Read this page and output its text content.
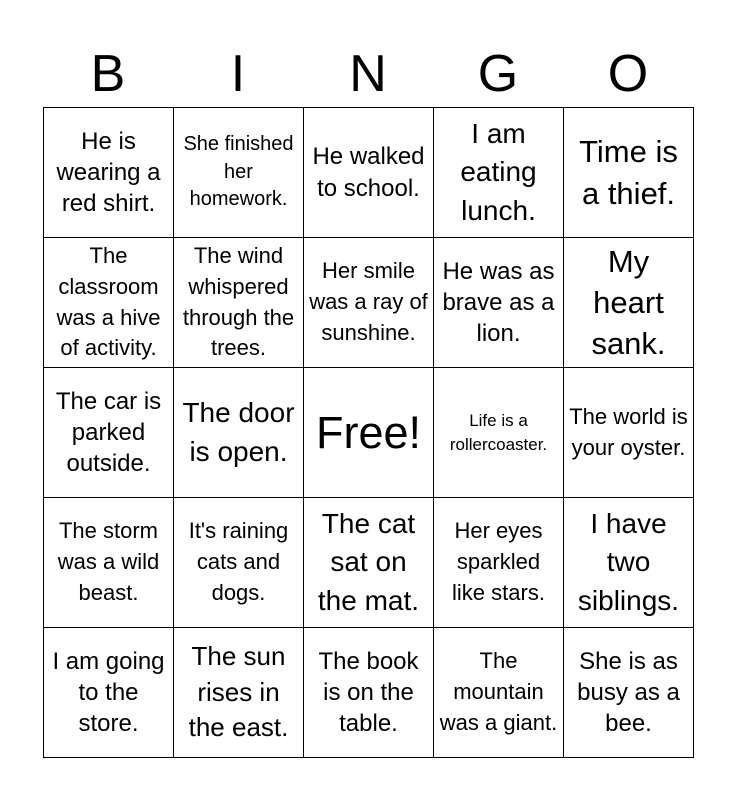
B	I	N	G	O
He is wearing a red shirt.	She finished her homework.	He walked to school.	I am eating lunch.	Time is a thief.
The classroom was a hive of activity.	The wind whispered through the trees.	Her smile was a ray of sunshine.	He was as brave as a lion.	My heart sank.
The car is parked outside.	The door is open.	Free!	Life is a rollercoaster.	The world is your oyster.
The storm was a wild beast.	It's raining cats and dogs.	The cat sat on the mat.	Her eyes sparkled like stars.	I have two siblings.
I am going to the store.	The sun rises in the east.	The book is on the table.	The mountain was a giant.	She is as busy as a bee.
